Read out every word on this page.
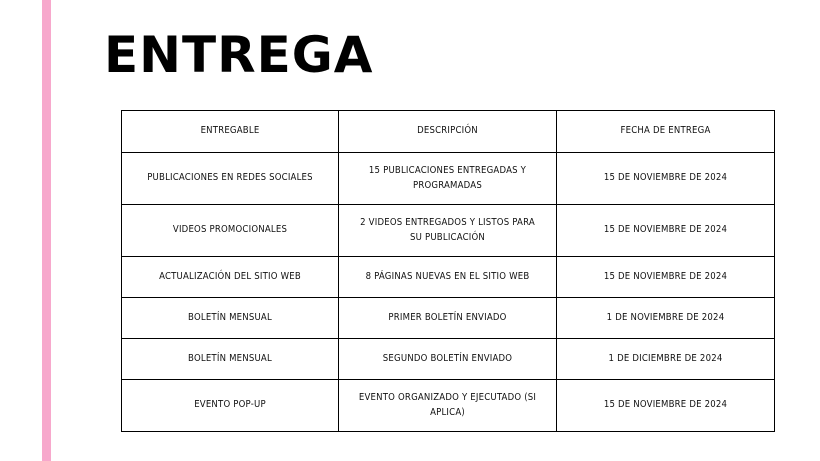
ENTREGA
ENTREGABLE	DESCRIPCIÓN	FECHA DE ENTREGA
PUBLICACIONES EN REDES SOCIALES	15 PUBLICACIONES ENTREGADAS Y PROGRAMADAS	15 DE NOVIEMBRE DE 2024
VIDEOS PROMOCIONALES	2 VIDEOS ENTREGADOS Y LISTOS PARA SU PUBLICACIÓN	15 DE NOVIEMBRE DE 2024
ACTUALIZACIÓN DEL SITIO WEB	8 PÁGINAS NUEVAS EN EL SITIO WEB	15 DE NOVIEMBRE DE 2024
BOLETÍN MENSUAL	PRIMER BOLETÍN ENVIADO	1 DE NOVIEMBRE DE 2024
BOLETÍN MENSUAL	SEGUNDO BOLETÍN ENVIADO	1 DE DICIEMBRE DE 2024
EVENTO POP-UP	EVENTO ORGANIZADO Y EJECUTADO (SI APLICA)	15 DE NOVIEMBRE DE 2024
